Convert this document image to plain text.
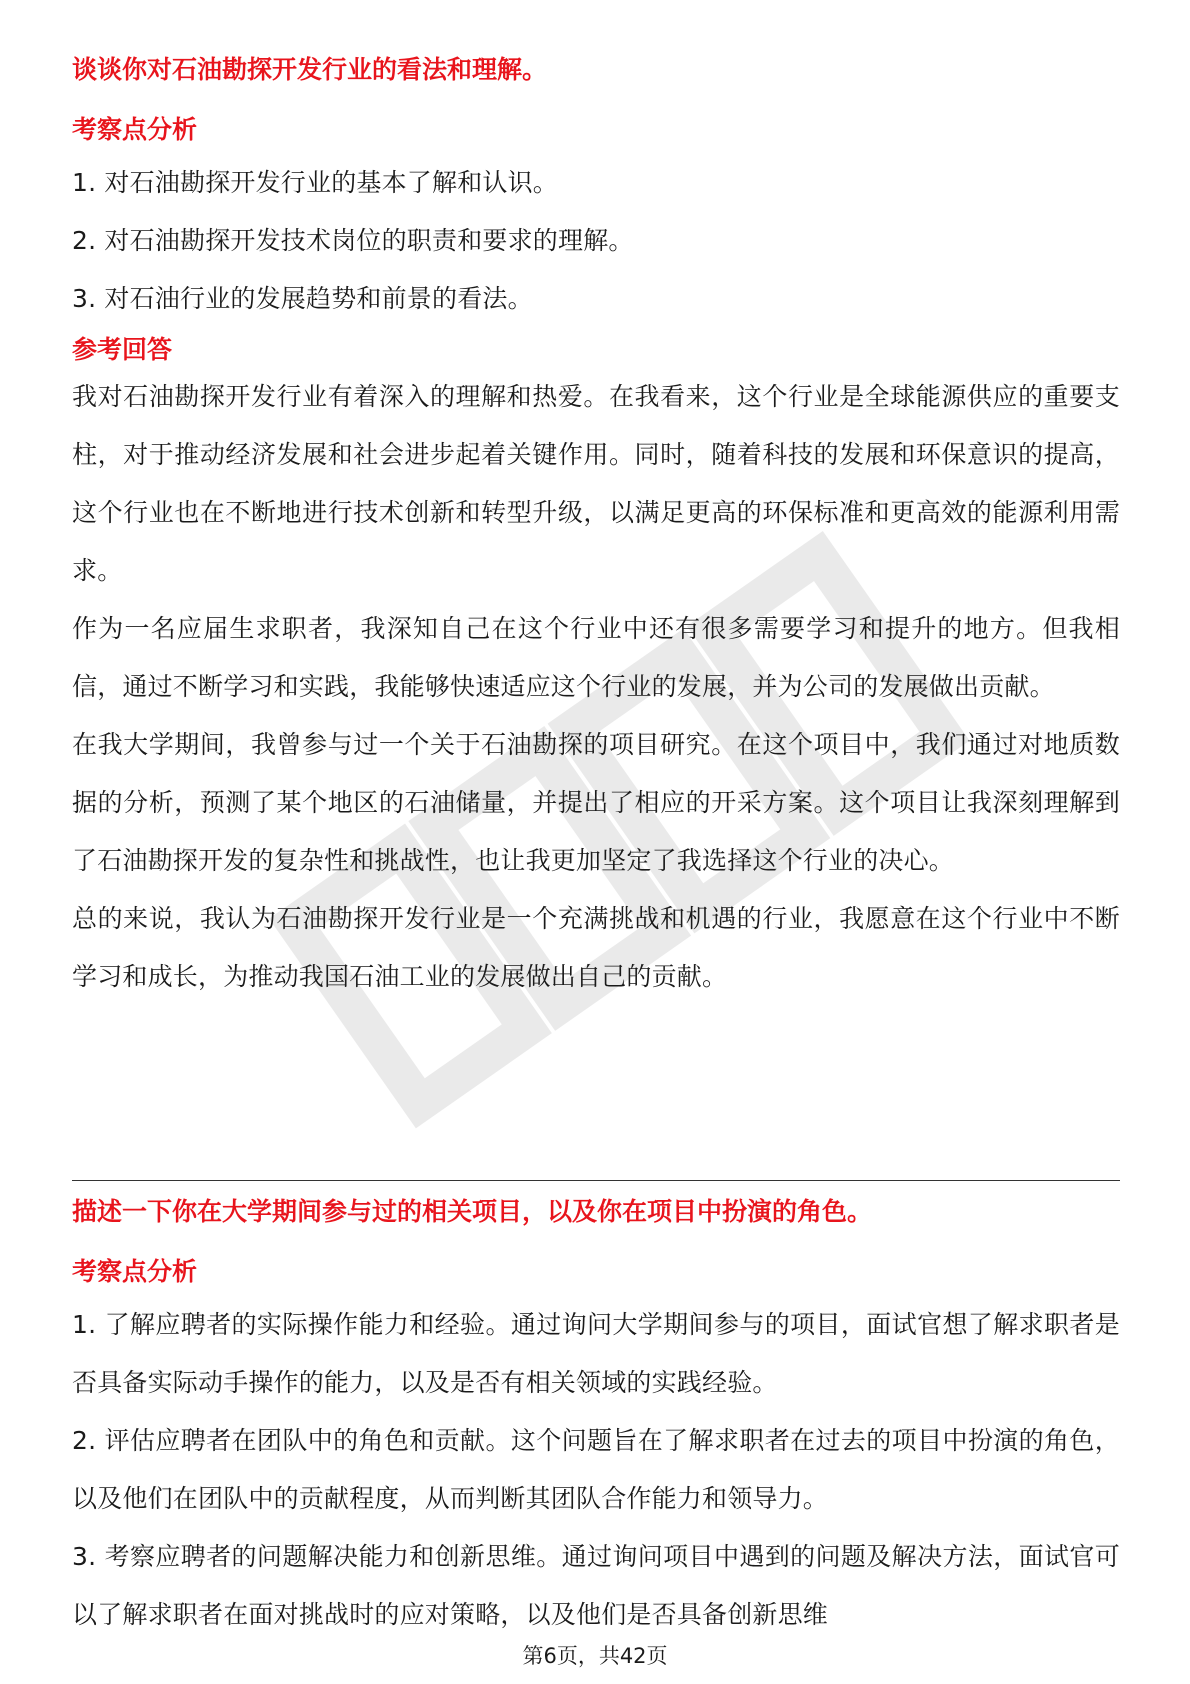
谈谈你对石油勘探开发行业的看法和理解。

考察点分析

1. 对石油勘探开发行业的基本了解和认识。

2. 对石油勘探开发技术岗位的职责和要求的理解。

3. 对石油行业的发展趋势和前景的看法。

参考回答

我对石油勘探开发行业有着深入的理解和热爱。在我看来，这个行业是全球能源供应的重要支柱，对于推动经济发展和社会进步起着关键作用。同时，随着科技的发展和环保意识的提高，这个行业也在不断地进行技术创新和转型升级，以满足更高的环保标准和更高效的能源利用需求。

作为一名应届生求职者，我深知自己在这个行业中还有很多需要学习和提升的地方。但我相信，通过不断学习和实践，我能够快速适应这个行业的发展，并为公司的发展做出贡献。

在我大学期间，我曾参与过一个关于石油勘探的项目研究。在这个项目中，我们通过对地质数据的分析，预测了某个地区的石油储量，并提出了相应的开采方案。这个项目让我深刻理解到了石油勘探开发的复杂性和挑战性，也让我更加坚定了我选择这个行业的决心。

总的来说，我认为石油勘探开发行业是一个充满挑战和机遇的行业，我愿意在这个行业中不断学习和成长，为推动我国石油工业的发展做出自己的贡献。

描述一下你在大学期间参与过的相关项目，以及你在项目中扮演的角色。

考察点分析

1. 了解应聘者的实际操作能力和经验。通过询问大学期间参与的项目，面试官想了解求职者是否具备实际动手操作的能力，以及是否有相关领域的实践经验。

2. 评估应聘者在团队中的角色和贡献。这个问题旨在了解求职者在过去的项目中扮演的角色，以及他们在团队中的贡献程度，从而判断其团队合作能力和领导力。

3. 考察应聘者的问题解决能力和创新思维。通过询问项目中遇到的问题及解决方法，面试官可以了解求职者在面对挑战时的应对策略，以及他们是否具备创新思维

第6页，共42页
